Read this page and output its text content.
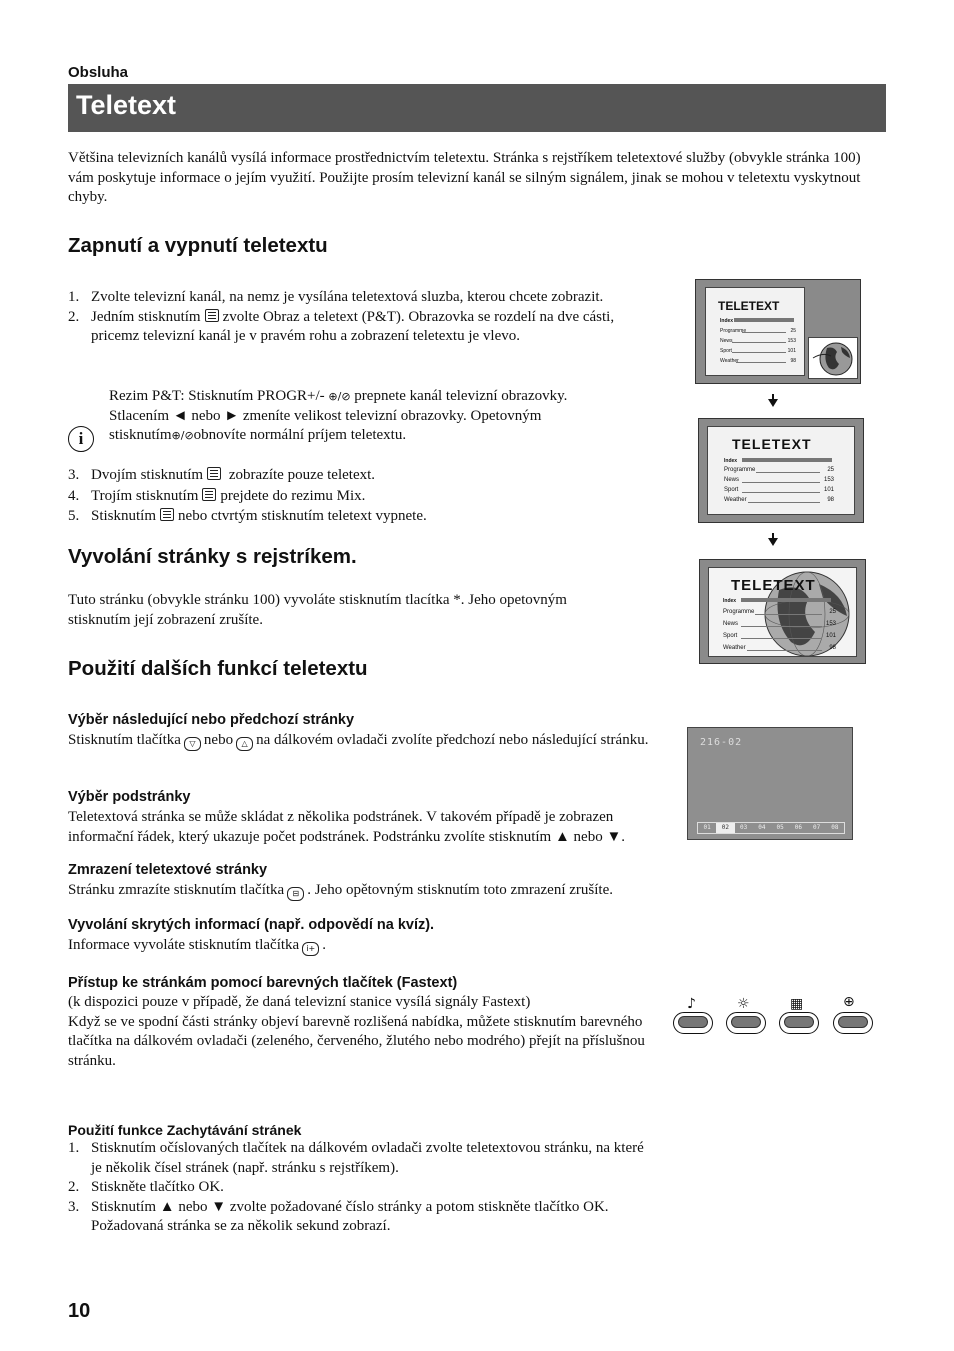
Obsluha
Teletext
Většina televizních kanálů vysílá informace prostřednictvím teletextu. Stránka s rejstříkem teletextové služby (obvykle stránka 100) vám poskytuje informace o jejím využití. Použijte prosím televizní kanál se silným signálem, jinak se mohou v teletextu vyskytnout chyby.
Zapnutí a vypnutí teletextu
1. Zvolte televizní kanál, na nemz je vysílána teletextová sluzba, kterou chcete zobrazit.
2. Jedním stisknutím zvolte Obraz a teletext (P&T). Obrazovka se rozdelí na dve cásti, pricemz televizní kanál je v pravém rohu a zobrazení teletextu je vlevo.
i
Rezim P&T: Stisknutím PROGR+/- ⊕/⊘ prepnete kanál televizní obrazovky.
Stlacením ◄ nebo ► zmeníte velikost televizní obrazovky. Opetovným
stisknutím⊕/⊘obnovíte normální príjem teletextu.
3. Dvojím stisknutím zobrazíte pouze teletext.
4. Trojím stisknutím prejdete do rezimu Mix.
5. Stisknutím nebo ctvrtým stisknutím teletext vypnete.
Vyvolání stránky s rejstríkem.
Tuto stránku (obvykle stránku 100) vyvoláte stisknutím tlacítka *. Jeho opetovným stisknutím její zobrazení zrušíte.
Použití dalších funkcí teletextu
Výběr následující nebo předchozí stránky
Stisknutím tlačítka ▽ nebo △ na dálkovém ovladači zvolíte předchozí nebo následující stránku.
Výběr podstránky
Teletextová stránka se může skládat z několika podstránek. V takovém případě je zobrazen informační řádek, který ukazuje počet podstránek. Podstránku zvolíte stisknutím ▲ nebo ▼.
Zmrazení teletextové stránky
Stránku zmrazíte stisknutím tlačítka ⊟ . Jeho opětovným stisknutím toto zmrazení zrušíte.
Vyvolání skrytých informací (např. odpovědí na kvíz).
Informace vyvoláte stisknutím tlačítka i+ .
Přístup ke stránkám pomocí barevných tlačítek (Fastext)
(k dispozici pouze v případě, že daná televizní stanice vysílá signály Fastext)
Když se ve spodní části stránky objeví barevně rozlišená nabídka, můžete stisknutím barevného tlačítka na dálkovém ovladači (zeleného, červeného, žlutého nebo modrého) přejít na příslušnou stránku.
Použití funkce Zachytávání stránek
1. Stisknutím očíslovaných tlačítek na dálkovém ovladači zvolte teletextovou stránku, na které je několik čísel stránek (např. stránku s rejstříkem).
2. Stiskněte tlačítko OK.
3. Stisknutím ▲ nebo ▼ zvolte požadované číslo stránky a potom stiskněte tlačítko OK. Požadovaná stránka se za několik sekund zobrazí.
10
TELETEXT
Index
Programme	25
News	153
Sport	101
Weather	98
TELETEXT
Index
Programme	25
News	153
Sport	101
Weather	98
TELETEXT
Index
Programme	25
News	153
Sport	101
Weather	98
216-02
01	02	03	04	05	06	07	08
♪	☼	▦	⊕
